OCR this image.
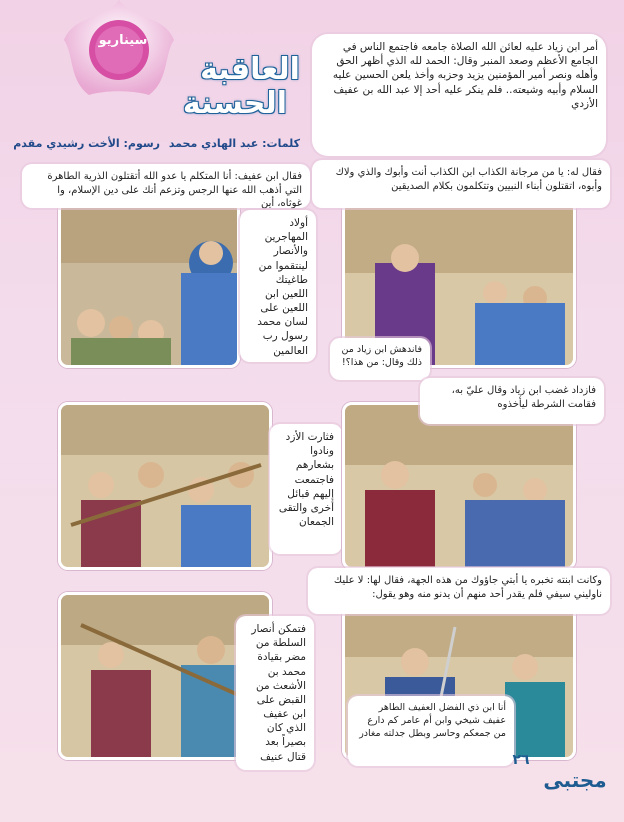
سيناريو
العاقبة
الحسنة
كلمات: عبد الهادي محمد
رسوم: الأخت رشيدي مقدم
أمر ابن زياد عليه لعائن الله الصلاة جامعه فاجتمع الناس في الجامع الأعظم وصعد المنبر وقال: الحمد لله الذي أظهر الحق وأهله ونصر أمير المؤمنين يزيد وحزبه وأخذ يلعن الحسين عليه السلام وأبيه وشيعته.. فلم ينكر عليه أحد إلا عبد الله بن عفيف الأزدي
فقال ابن عفيف: أنا المتكلم يا عدو الله أتقتلون الذرية الطاهرة التي أذهب الله عنها الرجس وتزعم أنك على دين الإسلام، وا غوثاه، أين
أولاد المهاجرين والأنصار لينتقموا من طاغيتك اللعين ابن اللعين على لسان محمد رسول رب العالمين
فقال له: يا من مرجانة الكذاب ابن الكذاب أنت وأبوك والذي ولاك وأبوه، اتقتلون أبناء النبيين وتتكلمون بكلام الصديقين
فاندهش ابن زياد من ذلك وقال: من هذا؟!
فثارت الأزد ونادوا بشعارهم فاجتمعت إليهم قبائل أخرى والتقى الجمعان
فازداد غضب ابن زياد وقال عليّ به، فقامت الشرطة ليأخذوه
وكانت ابنته تخبره يا أبتي جاؤوك من هذه الجهة، فقال لها: لا عليك ناوليني سيفي فلم يقدر أحد منهم أن يدنو منه وهو يقول:
أنا ابن ذي الفضل العفيف الطاهر عفيف شيخي وابن أم عامر كم دارع من جمعكم وحاسر وبطل جدلته مغادر
فتمكن أنصار السلطة من مضر بقيادة محمد بن الأشعث من القبض على ابن عفيف الذي كان بصيراً بعد قتال عنيف
مجتبى
٢٦
